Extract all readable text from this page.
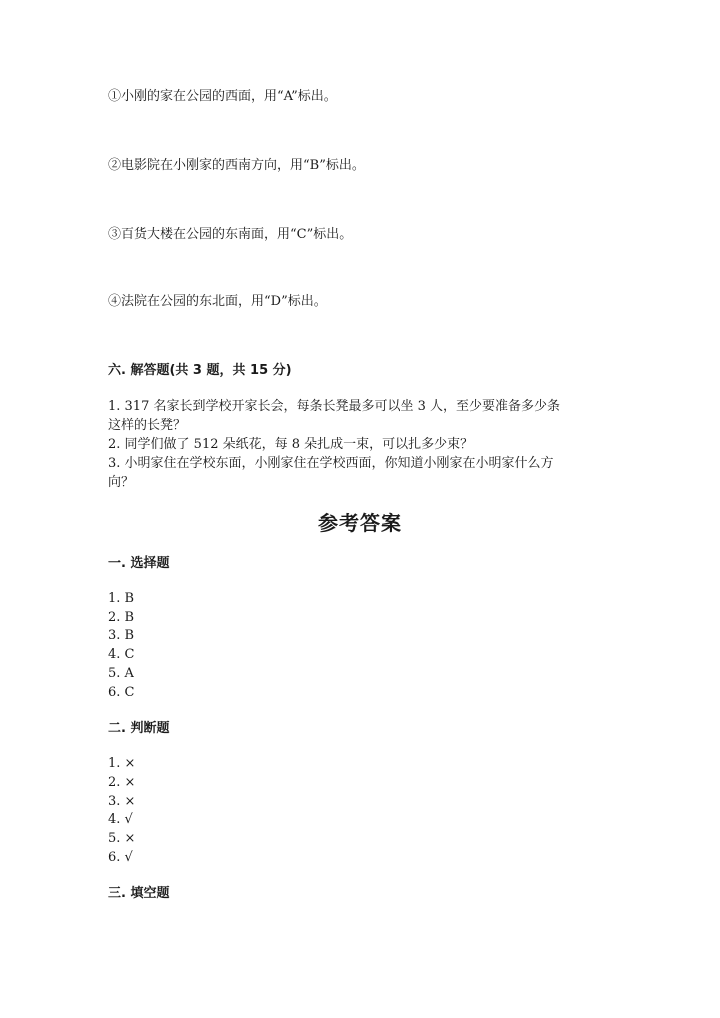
①小刚的家在公园的西面，用“A”标出。
②电影院在小刚家的西南方向，用“B”标出。
③百货大楼在公园的东南面，用“C”标出。
④法院在公园的东北面，用“D”标出。
六. 解答题(共 3 题，共 15 分)
1. 317 名家长到学校开家长会，每条长凳最多可以坐 3 人，至少要准备多少条
这样的长凳？
2. 同学们做了 512 朵纸花，每 8 朵扎成一束，可以扎多少束？
3. 小明家住在学校东面，小刚家住在学校西面，你知道小刚家在小明家什么方
向？
参考答案
一. 选择题
1. B
2. B
3. B
4. C
5. A
6. C
二. 判断题
1. ×
2. ×
3. ×
4. √
5. ×
6. √
三. 填空题
